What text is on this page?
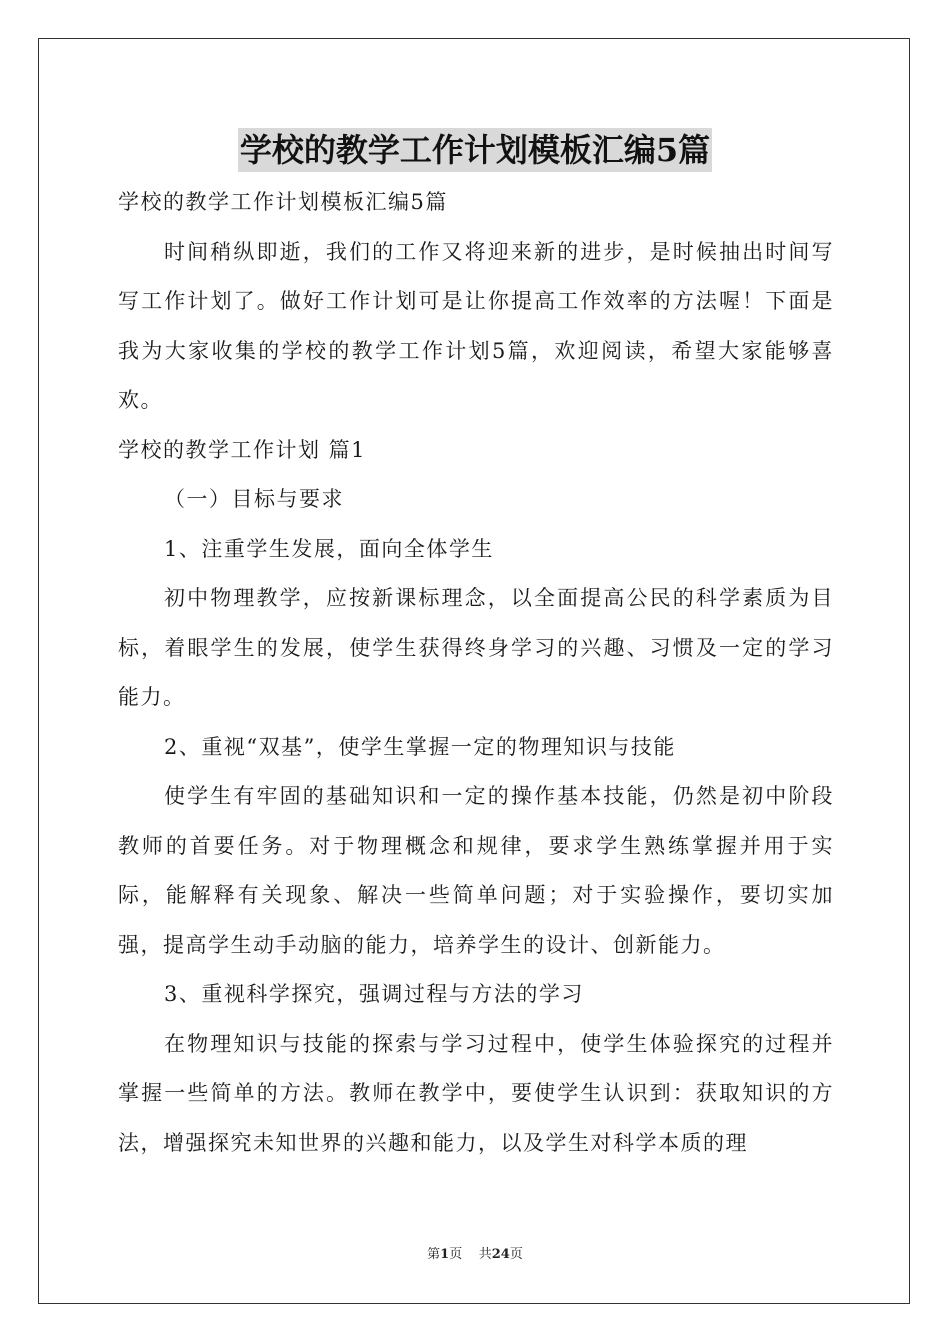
学校的教学工作计划模板汇编5篇

学校的教学工作计划模板汇编5篇

时间稍纵即逝，我们的工作又将迎来新的进步，是时候抽出时间写写工作计划了。做好工作计划可是让你提高工作效率的方法喔！下面是我为大家收集的学校的教学工作计划5篇，欢迎阅读，希望大家能够喜欢。

学校的教学工作计划 篇1

（一）目标与要求

1、注重学生发展，面向全体学生

初中物理教学，应按新课标理念，以全面提高公民的科学素质为目标，着眼学生的发展，使学生获得终身学习的兴趣、习惯及一定的学习能力。

2、重视“双基”，使学生掌握一定的物理知识与技能

使学生有牢固的基础知识和一定的操作基本技能，仍然是初中阶段教师的首要任务。对于物理概念和规律，要求学生熟练掌握并用于实际，能解释有关现象、解决一些简单问题；对于实验操作，要切实加强，提高学生动手动脑的能力，培养学生的设计、创新能力。

3、重视科学探究，强调过程与方法的学习

在物理知识与技能的探索与学习过程中，使学生体验探究的过程并掌握一些简单的方法。教师在教学中，要使学生认识到：获取知识的方法，增强探究未知世界的兴趣和能力，以及学生对科学本质的理

第1页 共24页
